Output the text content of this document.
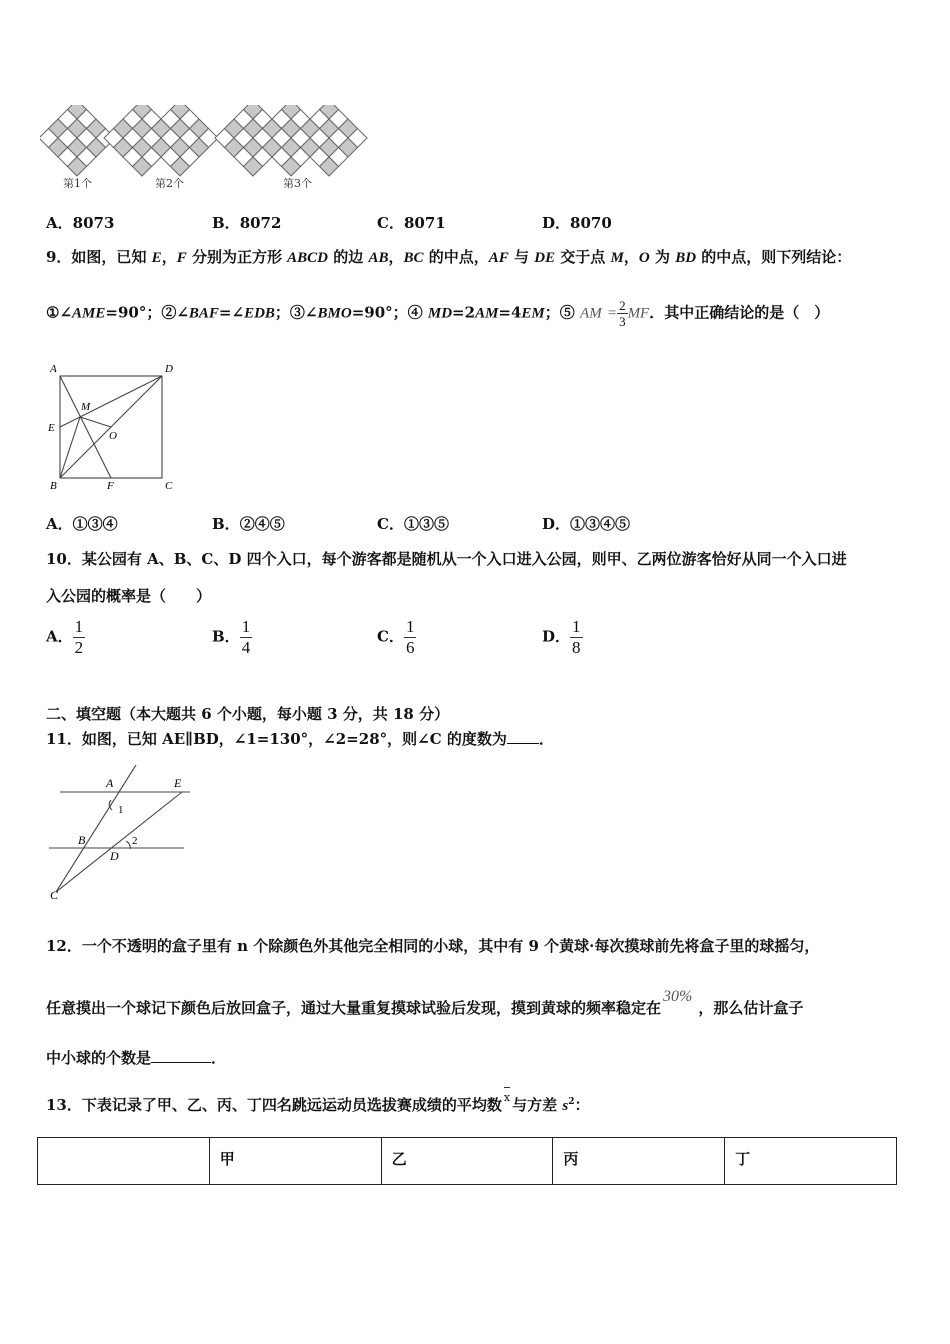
第1个	第2个	第3个
A．8073	B．8072	C．8071	D．8070
9．如图，已知 E，F 分别为正方形 ABCD 的边 AB，BC 的中点，AF 与 DE 交于点 M，O 为 BD 的中点，则下列结论：
①∠AME=90°；②∠BAF=∠EDB；③∠BMO=90°；④ MD=2AM=4EM；⑤ AM = $\frac{2}{3}$ MF．其中正确结论的是（　）
A	D
M
E
O
B	F	C
A．①③④	B．②④⑤	C．①③⑤	D．①③④⑤
10．某公园有 A、B、C、D 四个入口，每个游客都是随机从一个入口进入公园，则甲、乙两位游客恰好从同一个入口进
入公园的概率是（　　）
A． $\frac{1}{2}$	B． $\frac{1}{4}$	C． $\frac{1}{6}$	D． $\frac{1}{8}$
二、填空题（本大题共 6 个小题，每小题 3 分，共 18 分）
11．如图，已知 AE∥BD，∠1=130°，∠2=28°，则∠C 的度数为 ．
A	E
1
B	2
D
C
12．一个不透明的盒子里有 n 个除颜色外其他完全相同的小球，其中有 9 个黄球·每次摸球前先将盒子里的球摇匀，
任意摸出一个球记下颜色后放回盒子，通过大量重复摸球试验后发现，摸到黄球的频率稳定在30%，那么估计盒子
中小球的个数是	．
13．下表记录了甲、乙、丙、丁四名跳远运动员选拔赛成绩的平均数 x 与方差 $s^2$：
	甲	乙	丙	丁
